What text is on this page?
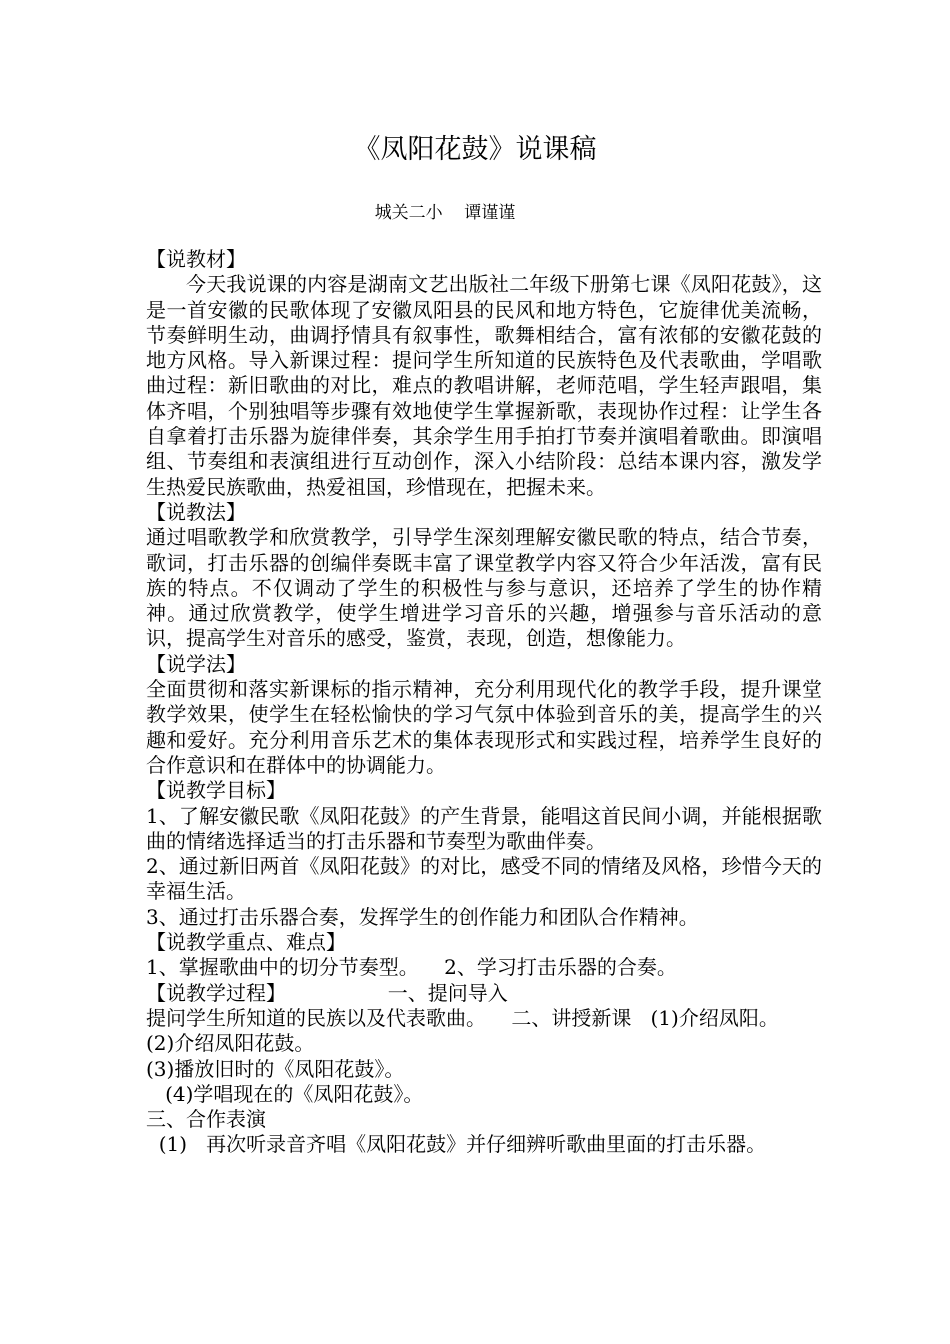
《凤阳花鼓》说课稿
城关二小    谭谨谨

【说教材】

今天我说课的内容是湖南文艺出版社二年级下册第七课《凤阳花鼓》，这是一首安徽的民歌体现了安徽凤阳县的民风和地方特色，它旋律优美流畅，节奏鲜明生动，曲调抒情具有叙事性，歌舞相结合，富有浓郁的安徽花鼓的地方风格。导入新课过程：提问学生所知道的民族特色及代表歌曲，学唱歌曲过程：新旧歌曲的对比，难点的教唱讲解，老师范唱，学生轻声跟唱，集体齐唱，个别独唱等步骤有效地使学生掌握新歌，表现协作过程：让学生各自拿着打击乐器为旋律伴奏，其余学生用手拍打节奏并演唱着歌曲。即演唱组、节奏组和表演组进行互动创作，深入小结阶段：总结本课内容，激发学生热爱民族歌曲，热爱祖国，珍惜现在，把握未来。

【说教法】

通过唱歌教学和欣赏教学，引导学生深刻理解安徽民歌的特点，结合节奏，歌词，打击乐器的创编伴奏既丰富了课堂教学内容又符合少年活泼，富有民族的特点。不仅调动了学生的积极性与参与意识，还培养了学生的协作精神。通过欣赏教学，使学生增进学习音乐的兴趣，增强参与音乐活动的意识，提高学生对音乐的感受，鉴赏，表现，创造，想像能力。

【说学法】

全面贯彻和落实新课标的指示精神，充分利用现代化的教学手段，提升课堂教学效果，使学生在轻松愉快的学习气氛中体验到音乐的美，提高学生的兴趣和爱好。充分利用音乐艺术的集体表现形式和实践过程，培养学生良好的合作意识和在群体中的协调能力。

【说教学目标】

1、了解安徽民歌《凤阳花鼓》的产生背景，能唱这首民间小调，并能根据歌曲的情绪选择适当的打击乐器和节奏型为歌曲伴奏。

2、通过新旧两首《凤阳花鼓》的对比，感受不同的情绪及风格，珍惜今天的幸福生活。

3、通过打击乐器合奏，发挥学生的创作能力和团队合作精神。

【说教学重点、难点】

1、掌握歌曲中的切分节奏型。    2、学习打击乐器的合奏。

【说教学过程】                一、提问导入

提问学生所知道的民族以及代表歌曲。    二、讲授新课   (1)介绍凤阳。   (2)介绍凤阳花鼓。

(3)播放旧时的《凤阳花鼓》。

(4)学唱现在的《凤阳花鼓》。

三、合作表演

(1)   再次听录音齐唱《凤阳花鼓》并仔细辨听歌曲里面的打击乐器。
